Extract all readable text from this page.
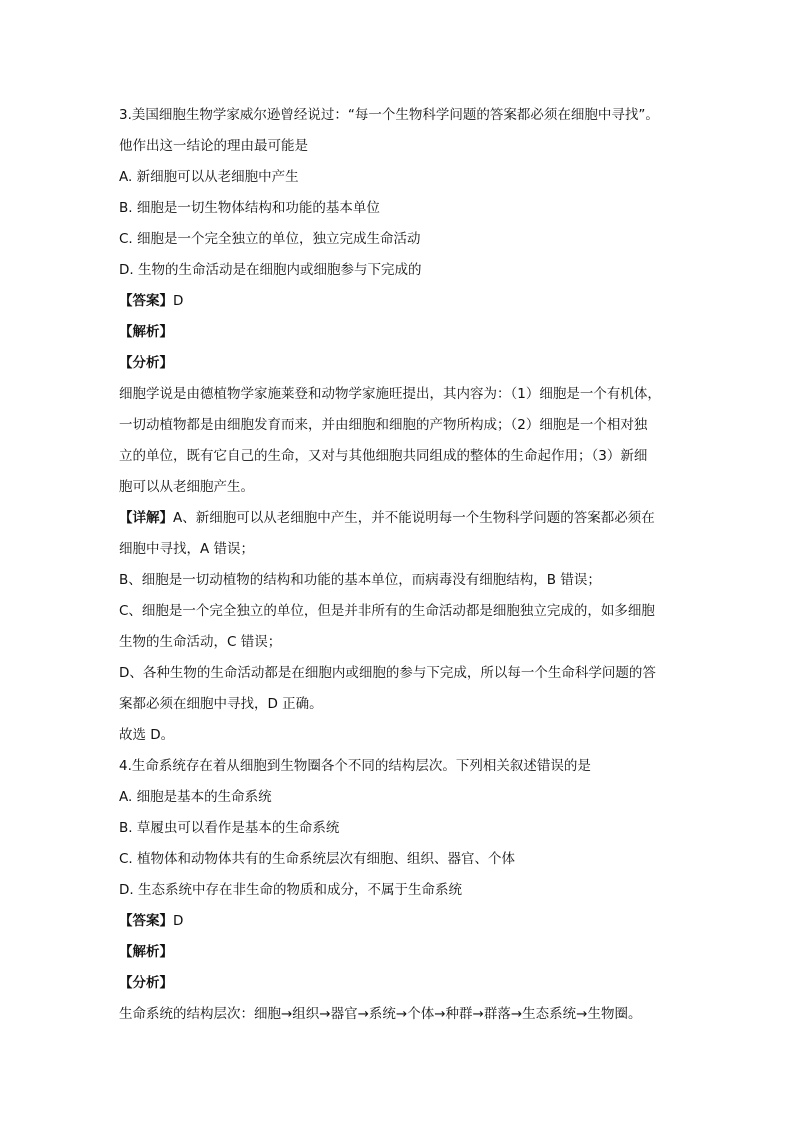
3.美国细胞生物学家威尔逊曾经说过：“每一个生物科学问题的答案都必须在细胞中寻找”。
他作出这一结论的理由最可能是
A. 新细胞可以从老细胞中产生
B. 细胞是一切生物体结构和功能的基本单位
C. 细胞是一个完全独立的单位，独立完成生命活动
D. 生物的生命活动是在细胞内或细胞参与下完成的
【答案】D
【解析】
【分析】
细胞学说是由德植物学家施莱登和动物学家施旺提出，其内容为：（1）细胞是一个有机体，
一切动植物都是由细胞发育而来，并由细胞和细胞的产物所构成；（2）细胞是一个相对独
立的单位，既有它自己的生命，又对与其他细胞共同组成的整体的生命起作用；（3）新细
胞可以从老细胞产生。
【详解】A、新细胞可以从老细胞中产生，并不能说明每一个生物科学问题的答案都必须在
细胞中寻找，A 错误；
B、细胞是一切动植物的结构和功能的基本单位，而病毒没有细胞结构，B 错误；
C、细胞是一个完全独立的单位，但是并非所有的生命活动都是细胞独立完成的，如多细胞
生物的生命活动，C 错误；
D、各种生物的生命活动都是在细胞内或细胞的参与下完成，所以每一个生命科学问题的答
案都必须在细胞中寻找，D 正确。
故选 D。
4.生命系统存在着从细胞到生物圈各个不同的结构层次。下列相关叙述错误的是
A. 细胞是基本的生命系统
B. 草履虫可以看作是基本的生命系统
C. 植物体和动物体共有的生命系统层次有细胞、组织、器官、个体
D. 生态系统中存在非生命的物质和成分，不属于生命系统
【答案】D
【解析】
【分析】
生命系统的结构层次：细胞→组织→器官→系统→个体→种群→群落→生态系统→生物圈。
